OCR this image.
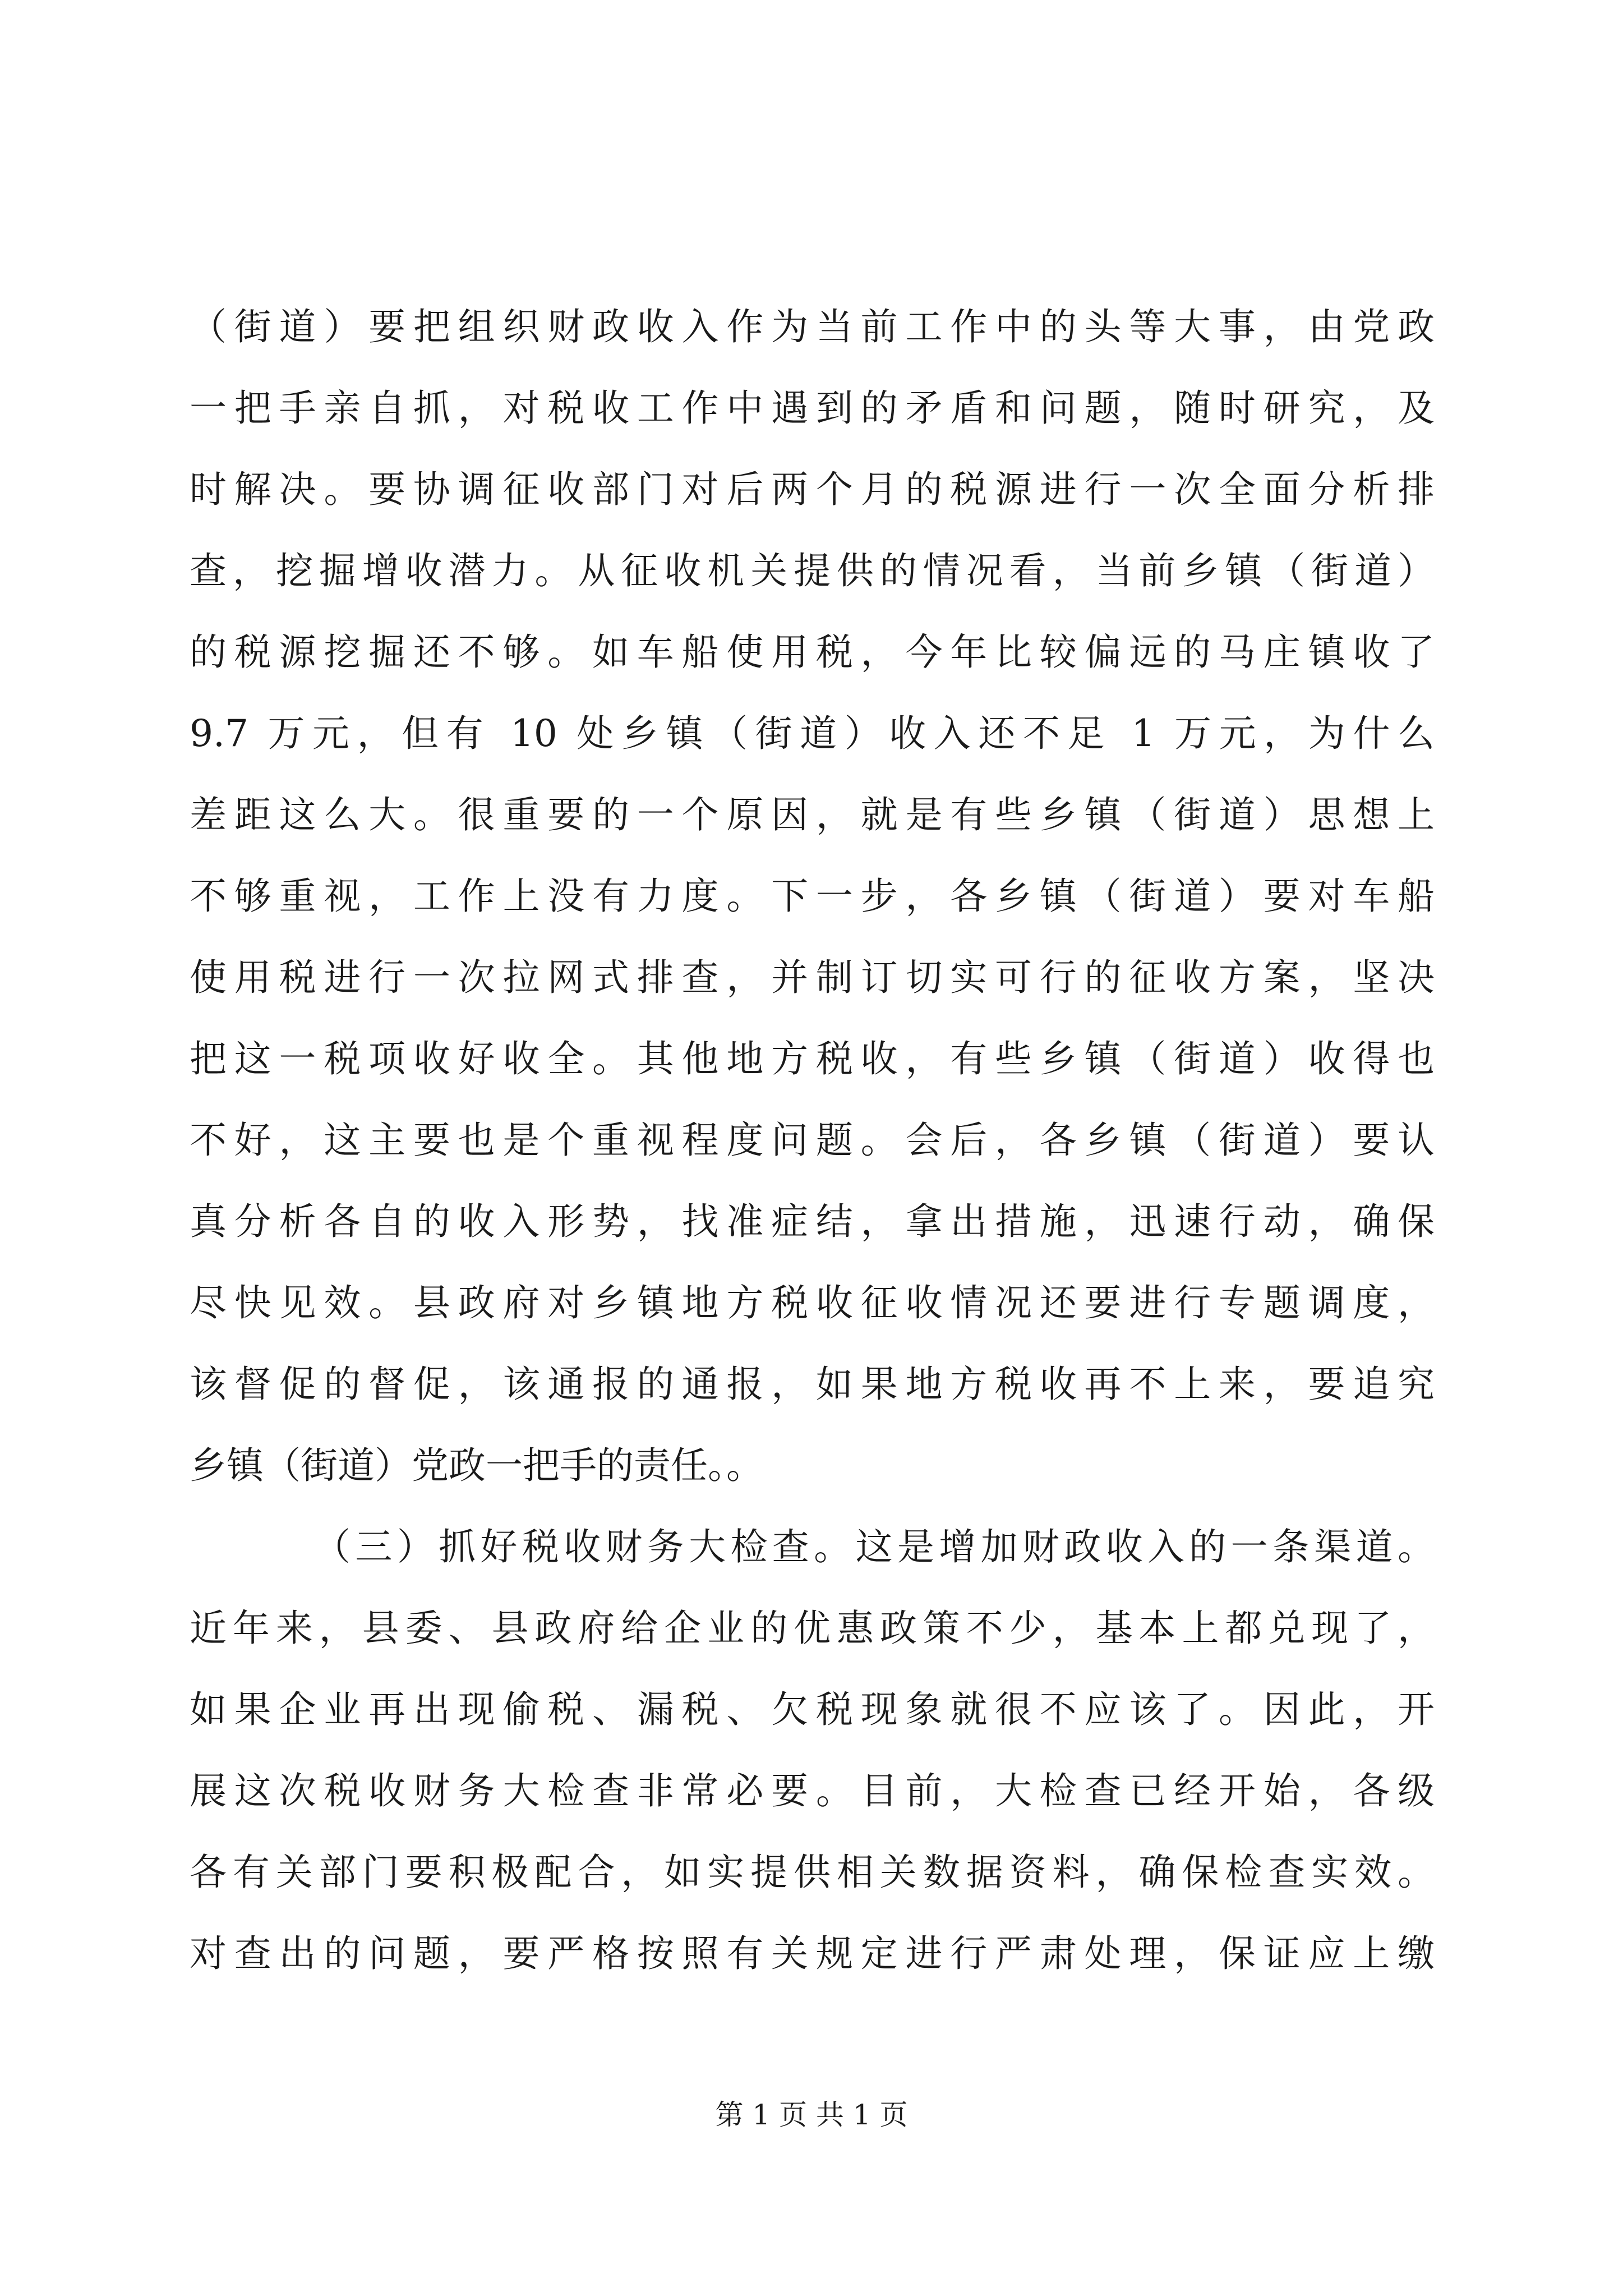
（街道）要把组织财政收入作为当前工作中的头等大事，由党政
一把手亲自抓，对税收工作中遇到的矛盾和问题，随时研究，及
时解决。要协调征收部门对后两个月的税源进行一次全面分析排
查，挖掘增收潜力。从征收机关提供的情况看，当前乡镇（街道）
的税源挖掘还不够。如车船使用税，今年比较偏远的马庄镇收了
9.7 万元，但有 10 处乡镇（街道）收入还不足 1 万元，为什么
差距这么大。很重要的一个原因，就是有些乡镇（街道）思想上
不够重视，工作上没有力度。下一步，各乡镇（街道）要对车船
使用税进行一次拉网式排查，并制订切实可行的征收方案，坚决
把这一税项收好收全。其他地方税收，有些乡镇（街道）收得也
不好，这主要也是个重视程度问题。会后，各乡镇（街道）要认
真分析各自的收入形势，找准症结，拿出措施，迅速行动，确保
尽快见效。县政府对乡镇地方税收征收情况还要进行专题调度，
该督促的督促，该通报的通报，如果地方税收再不上来，要追究
乡镇（街道）党政一把手的责任。。
（三）抓好税收财务大检查。这是增加财政收入的一条渠道。
近年来，县委、县政府给企业的优惠政策不少，基本上都兑现了，
如果企业再出现偷税、漏税、欠税现象就很不应该了。因此，开
展这次税收财务大检查非常必要。目前，大检查已经开始，各级
各有关部门要积极配合，如实提供相关数据资料，确保检查实效。
对查出的问题，要严格按照有关规定进行严肃处理，保证应上缴
第 1 页 共 1 页
